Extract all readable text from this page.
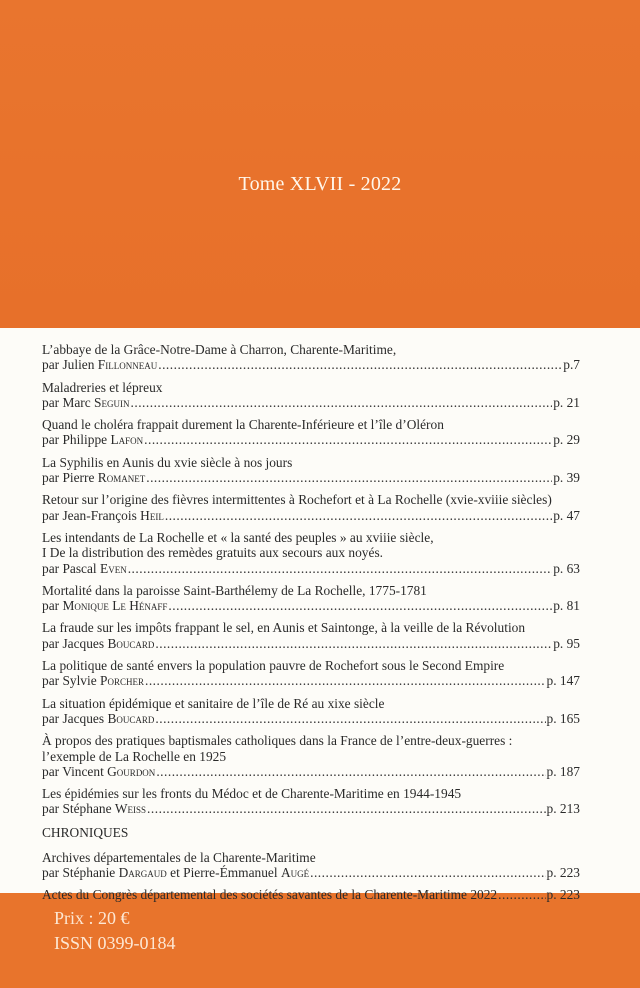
Tome XLVII - 2022
L’abbaye de la Grâce-Notre-Dame à Charron, Charente-Maritime,
par Julien Fillonneau .....	p.7
Maladreries et lépreux
par Marc Seguin .....	p. 21
Quand le choléra frappait durement la Charente-Inférieure et l’île d’Oléron
par Philippe Lafon .....	p. 29
La Syphilis en Aunis du xvie siècle à nos jours
par Pierre Romanet .....	p. 39
Retour sur l’origine des fièvres intermittentes à Rochefort et à La Rochelle (xvie-xviiie siècles)
par Jean-François Heil .....	p. 47
Les intendants de La Rochelle et « la santé des peuples » au xviiie siècle,
I De la distribution des remèdes gratuits aux secours aux noyés.
par Pascal Even .....	p. 63
Mortalité dans la paroisse Saint-Barthélemy de La Rochelle, 1775-1781
par Monique Le Hénaff .....	p. 81
La fraude sur les impôts frappant le sel, en Aunis et Saintonge, à la veille de la Révolution
par Jacques Boucard .....	p. 95
La politique de santé envers la population pauvre de Rochefort sous le Second Empire
par Sylvie Porcher .....	p. 147
La situation épidémique et sanitaire de l’île de Ré au xixe siècle
par Jacques Boucard .....	p. 165
À propos des pratiques baptismales catholiques dans la France de l’entre-deux-guerres :
l’exemple de La Rochelle en 1925
par Vincent Gourdon .....	p. 187
Les épidémies sur les fronts du Médoc et de Charente-Maritime en 1944-1945
par Stéphane Weiss .....	p. 213
CHRONIQUES
Archives départementales de la Charente-Maritime
par Stéphanie Dargaud et Pierre-Émmanuel Augé .....	p. 223
Actes du Congrès départemental des sociétés savantes de la Charente-Maritime 2022 .....	p. 223
Prix : 20 €
ISSN 0399-0184
